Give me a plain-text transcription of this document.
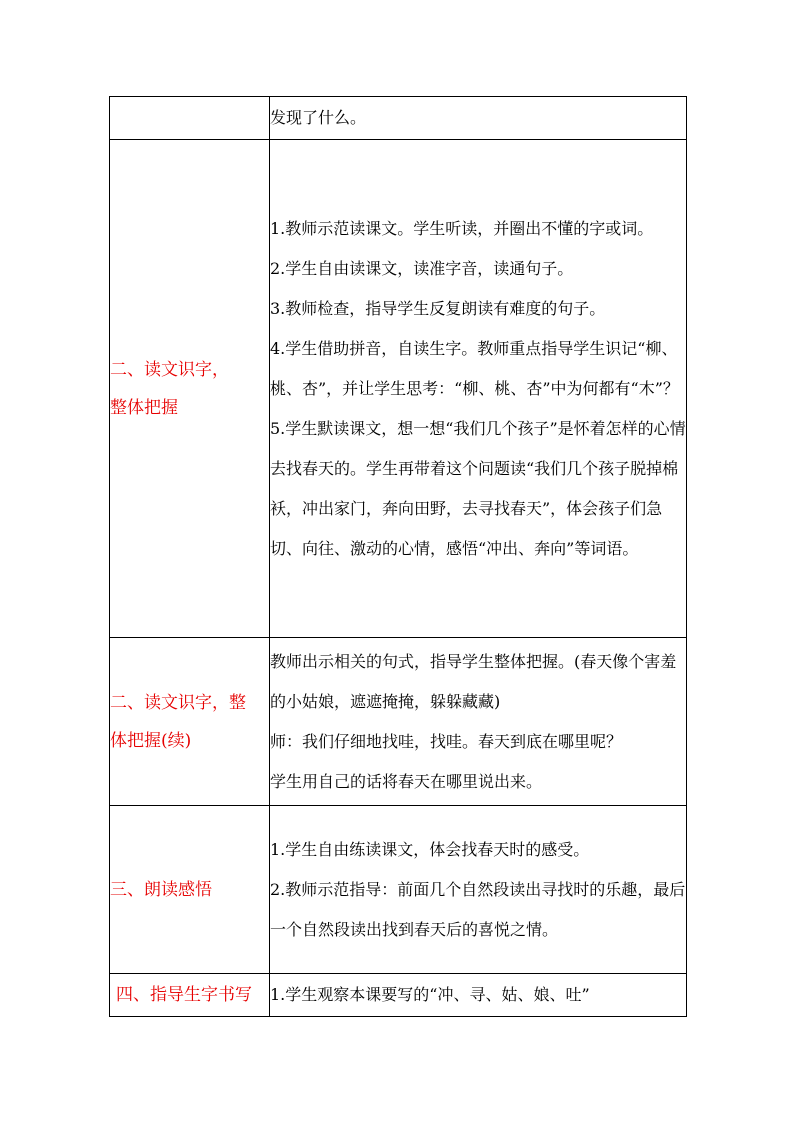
	发现了什么。

二、读文识字，
整体把握	1.教师示范读课文。学生听读，并圈出不懂的字或词。
2.学生自由读课文，读准字音，读通句子。
3.教师检查，指导学生反复朗读有难度的句子。
4.学生借助拼音，自读生字。教师重点指导学生识记“柳、桃、杏”，并让学生思考：“柳、桃、杏”中为何都有“木”？
5.学生默读课文，想一想“我们几个孩子”是怀着怎样的心情去找春天的。学生再带着这个问题读“我们几个孩子脱掉棉袄，冲出家门，奔向田野，去寻找春天”，体会孩子们急切、向往、激动的心情，感悟“冲出、奔向”等词语。

二、读文识字，整
体把握(续)	教师出示相关的句式，指导学生整体把握。(春天像个害羞的小姑娘，遮遮掩掩，躲躲藏藏)
师：我们仔细地找哇，找哇。春天到底在哪里呢？
学生用自己的话将春天在哪里说出来。

三、朗读感悟	1.学生自由练读课文，体会找春天时的感受。
2.教师示范指导：前面几个自然段读出寻找时的乐趣，最后一个自然段读出找到春天后的喜悦之情。

四、指导生字书写	1.学生观察本课要写的“冲、寻、姑、娘、吐”
